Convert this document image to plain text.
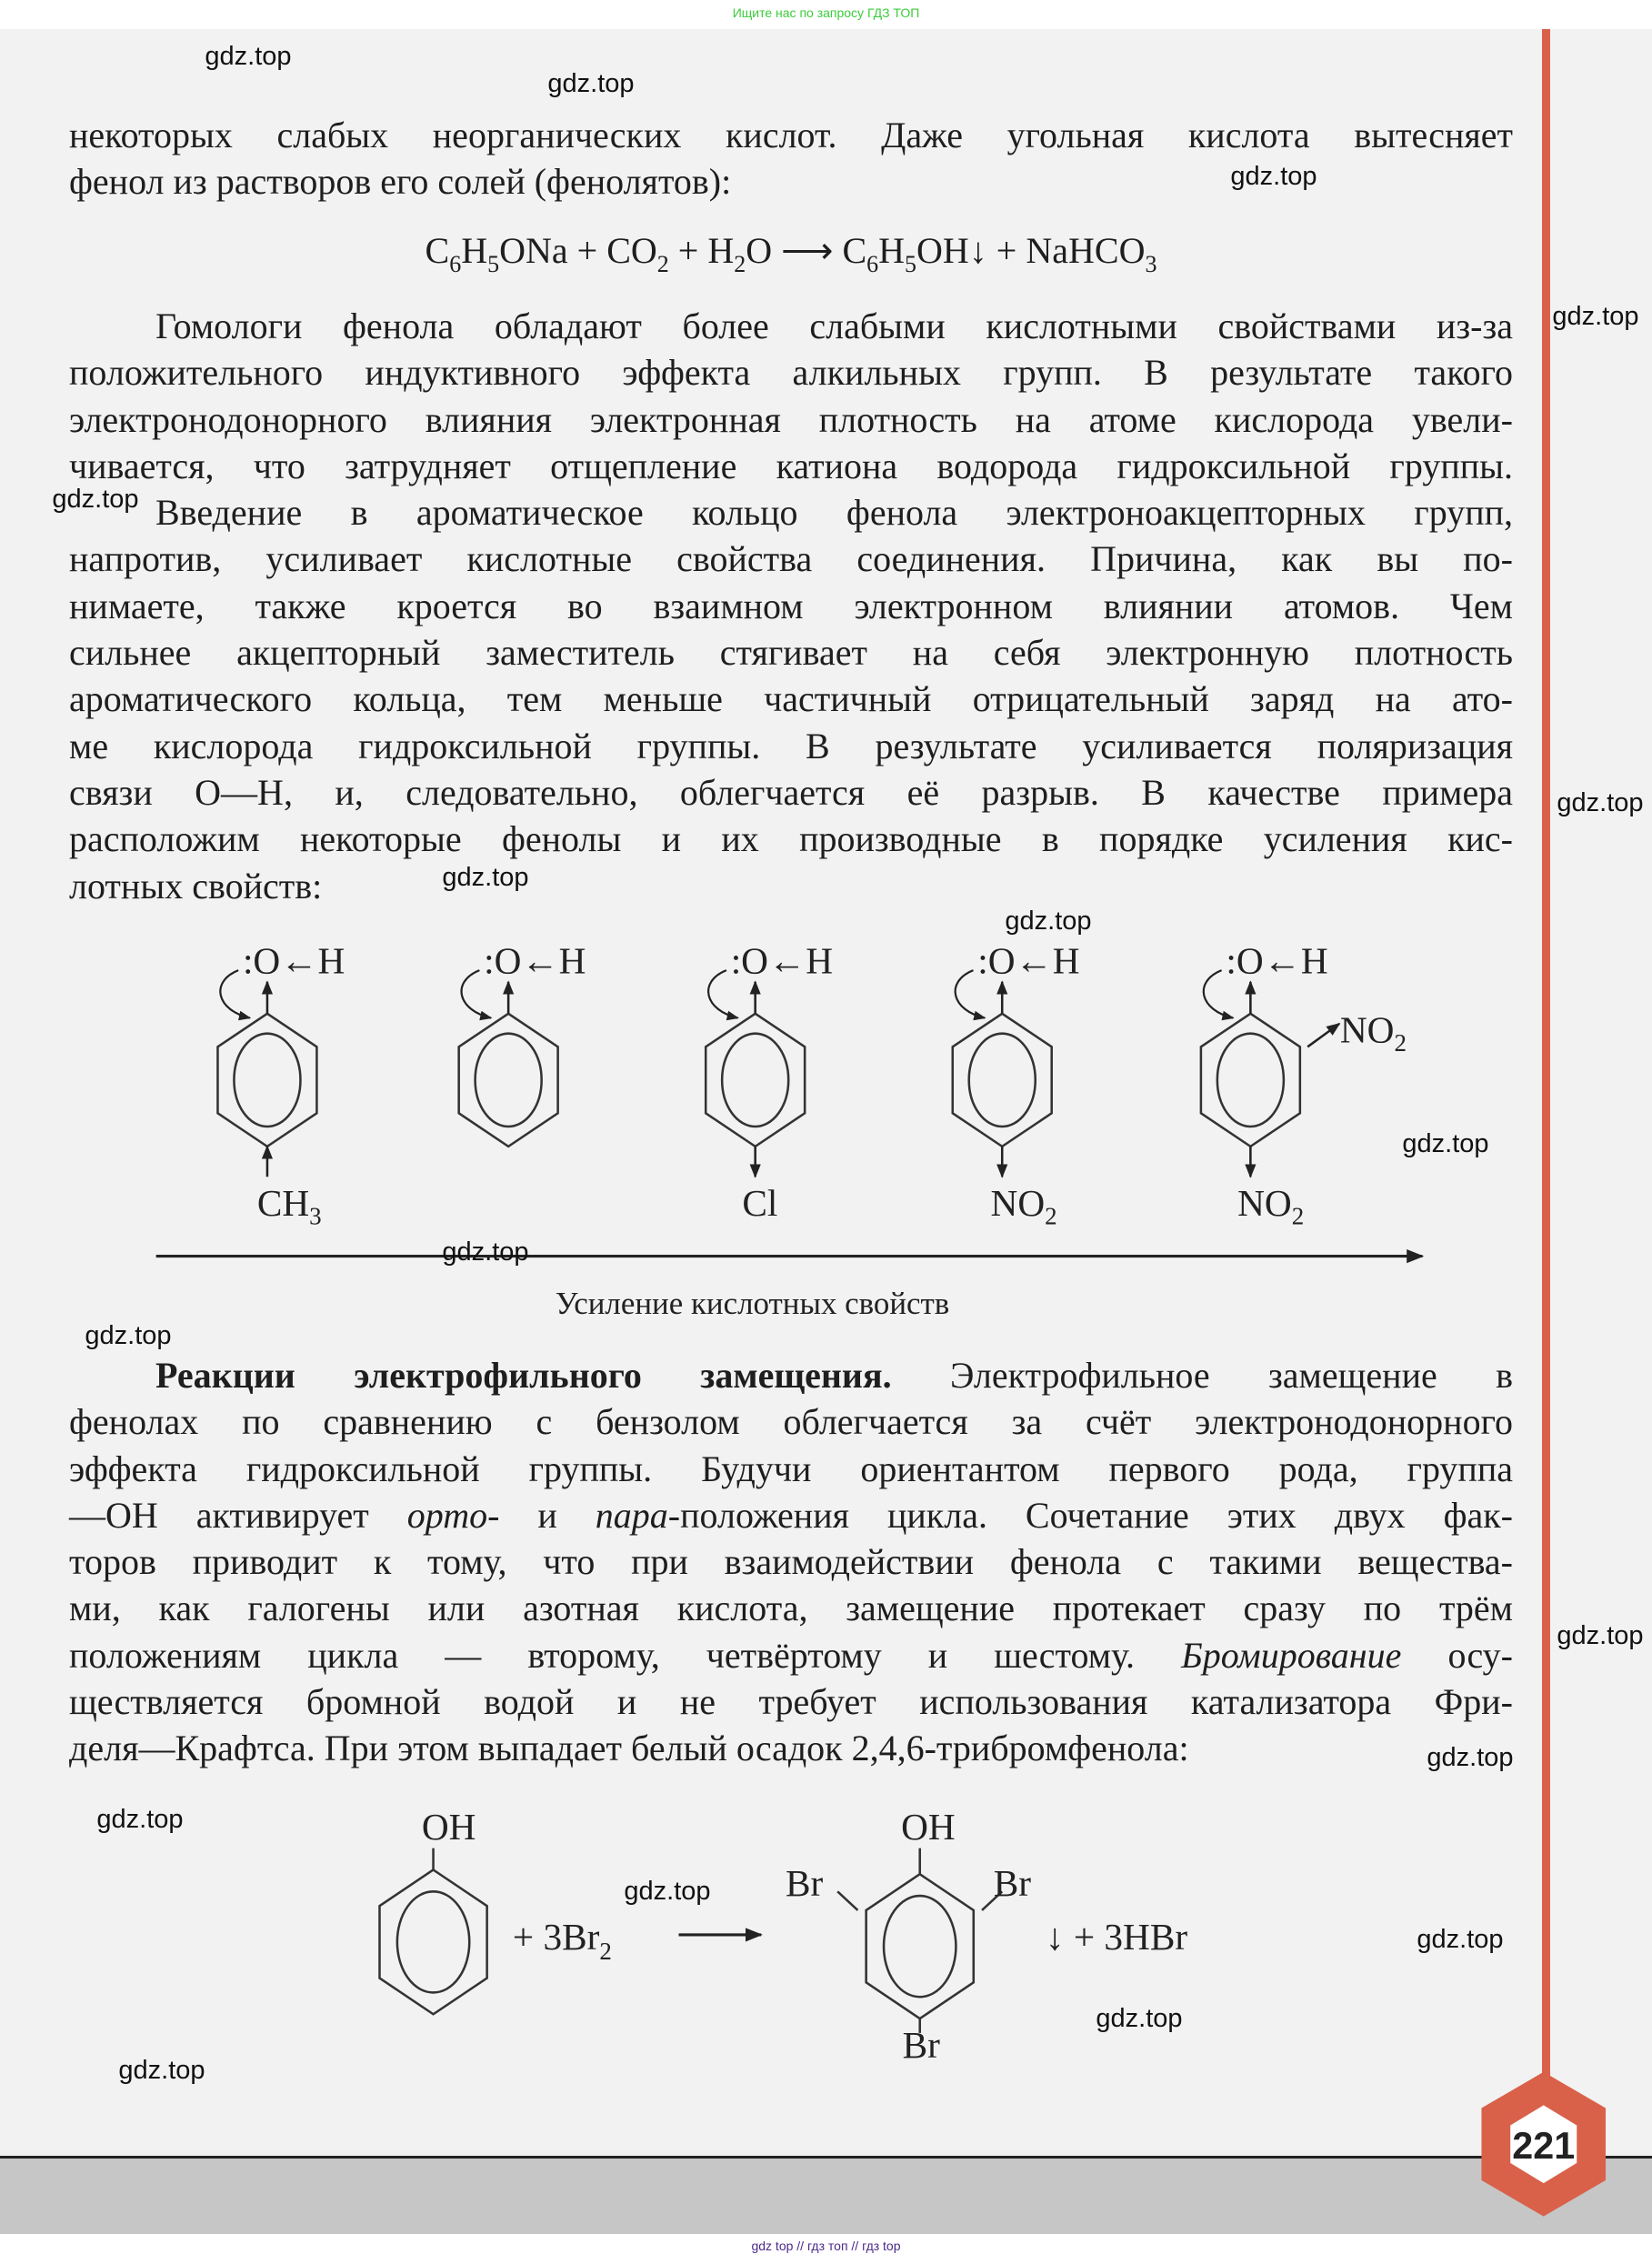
Ищите нас по запросу ГДЗ ТОП
gdz top // гдз топ // гдз top
некоторых слабых неорганических кислот. Даже угольная кислота вытесняет
фенол из растворов его солей (фенолятов):
$C_6H_5ONa + CO_2 + H_2O$ ⟶ $C_6H_5OH↓$ + NaHCO$_3$
Гомологи фенола обладают более слабыми кислотными свойствами из-за
положительного индуктивного эффекта алкильных групп. В результате такого
электронодонорного влияния электронная плотность на атоме кислорода увели-
чивается, что затрудняет отщепление катиона водорода гидроксильной группы.
Введение в ароматическое кольцо фенола электроноакцепторных групп,
напротив, усиливает кислотные свойства соединения. Причина, как вы по-
нимаете, также кроется во взаимном электронном влиянии атомов. Чем
сильнее акцепторный заместитель стягивает на себя электронную плотность
ароматического кольца, тем меньше частичный отрицательный заряд на ато-
ме кислорода гидроксильной группы. В результате усиливается поляризация
связи O—H, и, следовательно, облегчается её разрыв. В качестве примера
расположим некоторые фенолы и их производные в порядке усиления кис-
лотных свойств:
Реакции электрофильного замещения. Электрофильное замещение в
фенолах по сравнению с бензолом облегчается за счёт электронодонорного
эффекта гидроксильной группы. Будучи ориентантом первого рода, группа
—OH активирует орто- и пара-положения цикла. Сочетание этих двух фак-
торов приводит к тому, что при взаимодействии фенола с такими вещества-
ми, как галогены или азотная кислота, замещение протекает сразу по трём
положениям цикла — второму, четвёртому и шестому. Бромирование осу-
ществляется бромной водой и не требует использования катализатора Фри-
деля—Крафтса. При этом выпадает белый осадок 2,4,6-трибромфенола:
:O←H	:O←H	:O←H	:O←H	:O←H
$CH_3$	Cl	$NO_2$	$NO_2$
$NO_2$
Усиление кислотных свойств
OH
+ $3Br_2$
OH
Br	Br
Br
↓ + 3HBr
221
gdz.top
gdz.top
gdz.top
gdz.top
gdz.top
gdz.top
gdz.top
gdz.top
gdz.top
gdz.top
gdz.top
gdz.top
gdz.top
gdz.top
gdz.top
gdz.top
gdz.top
gdz.top
